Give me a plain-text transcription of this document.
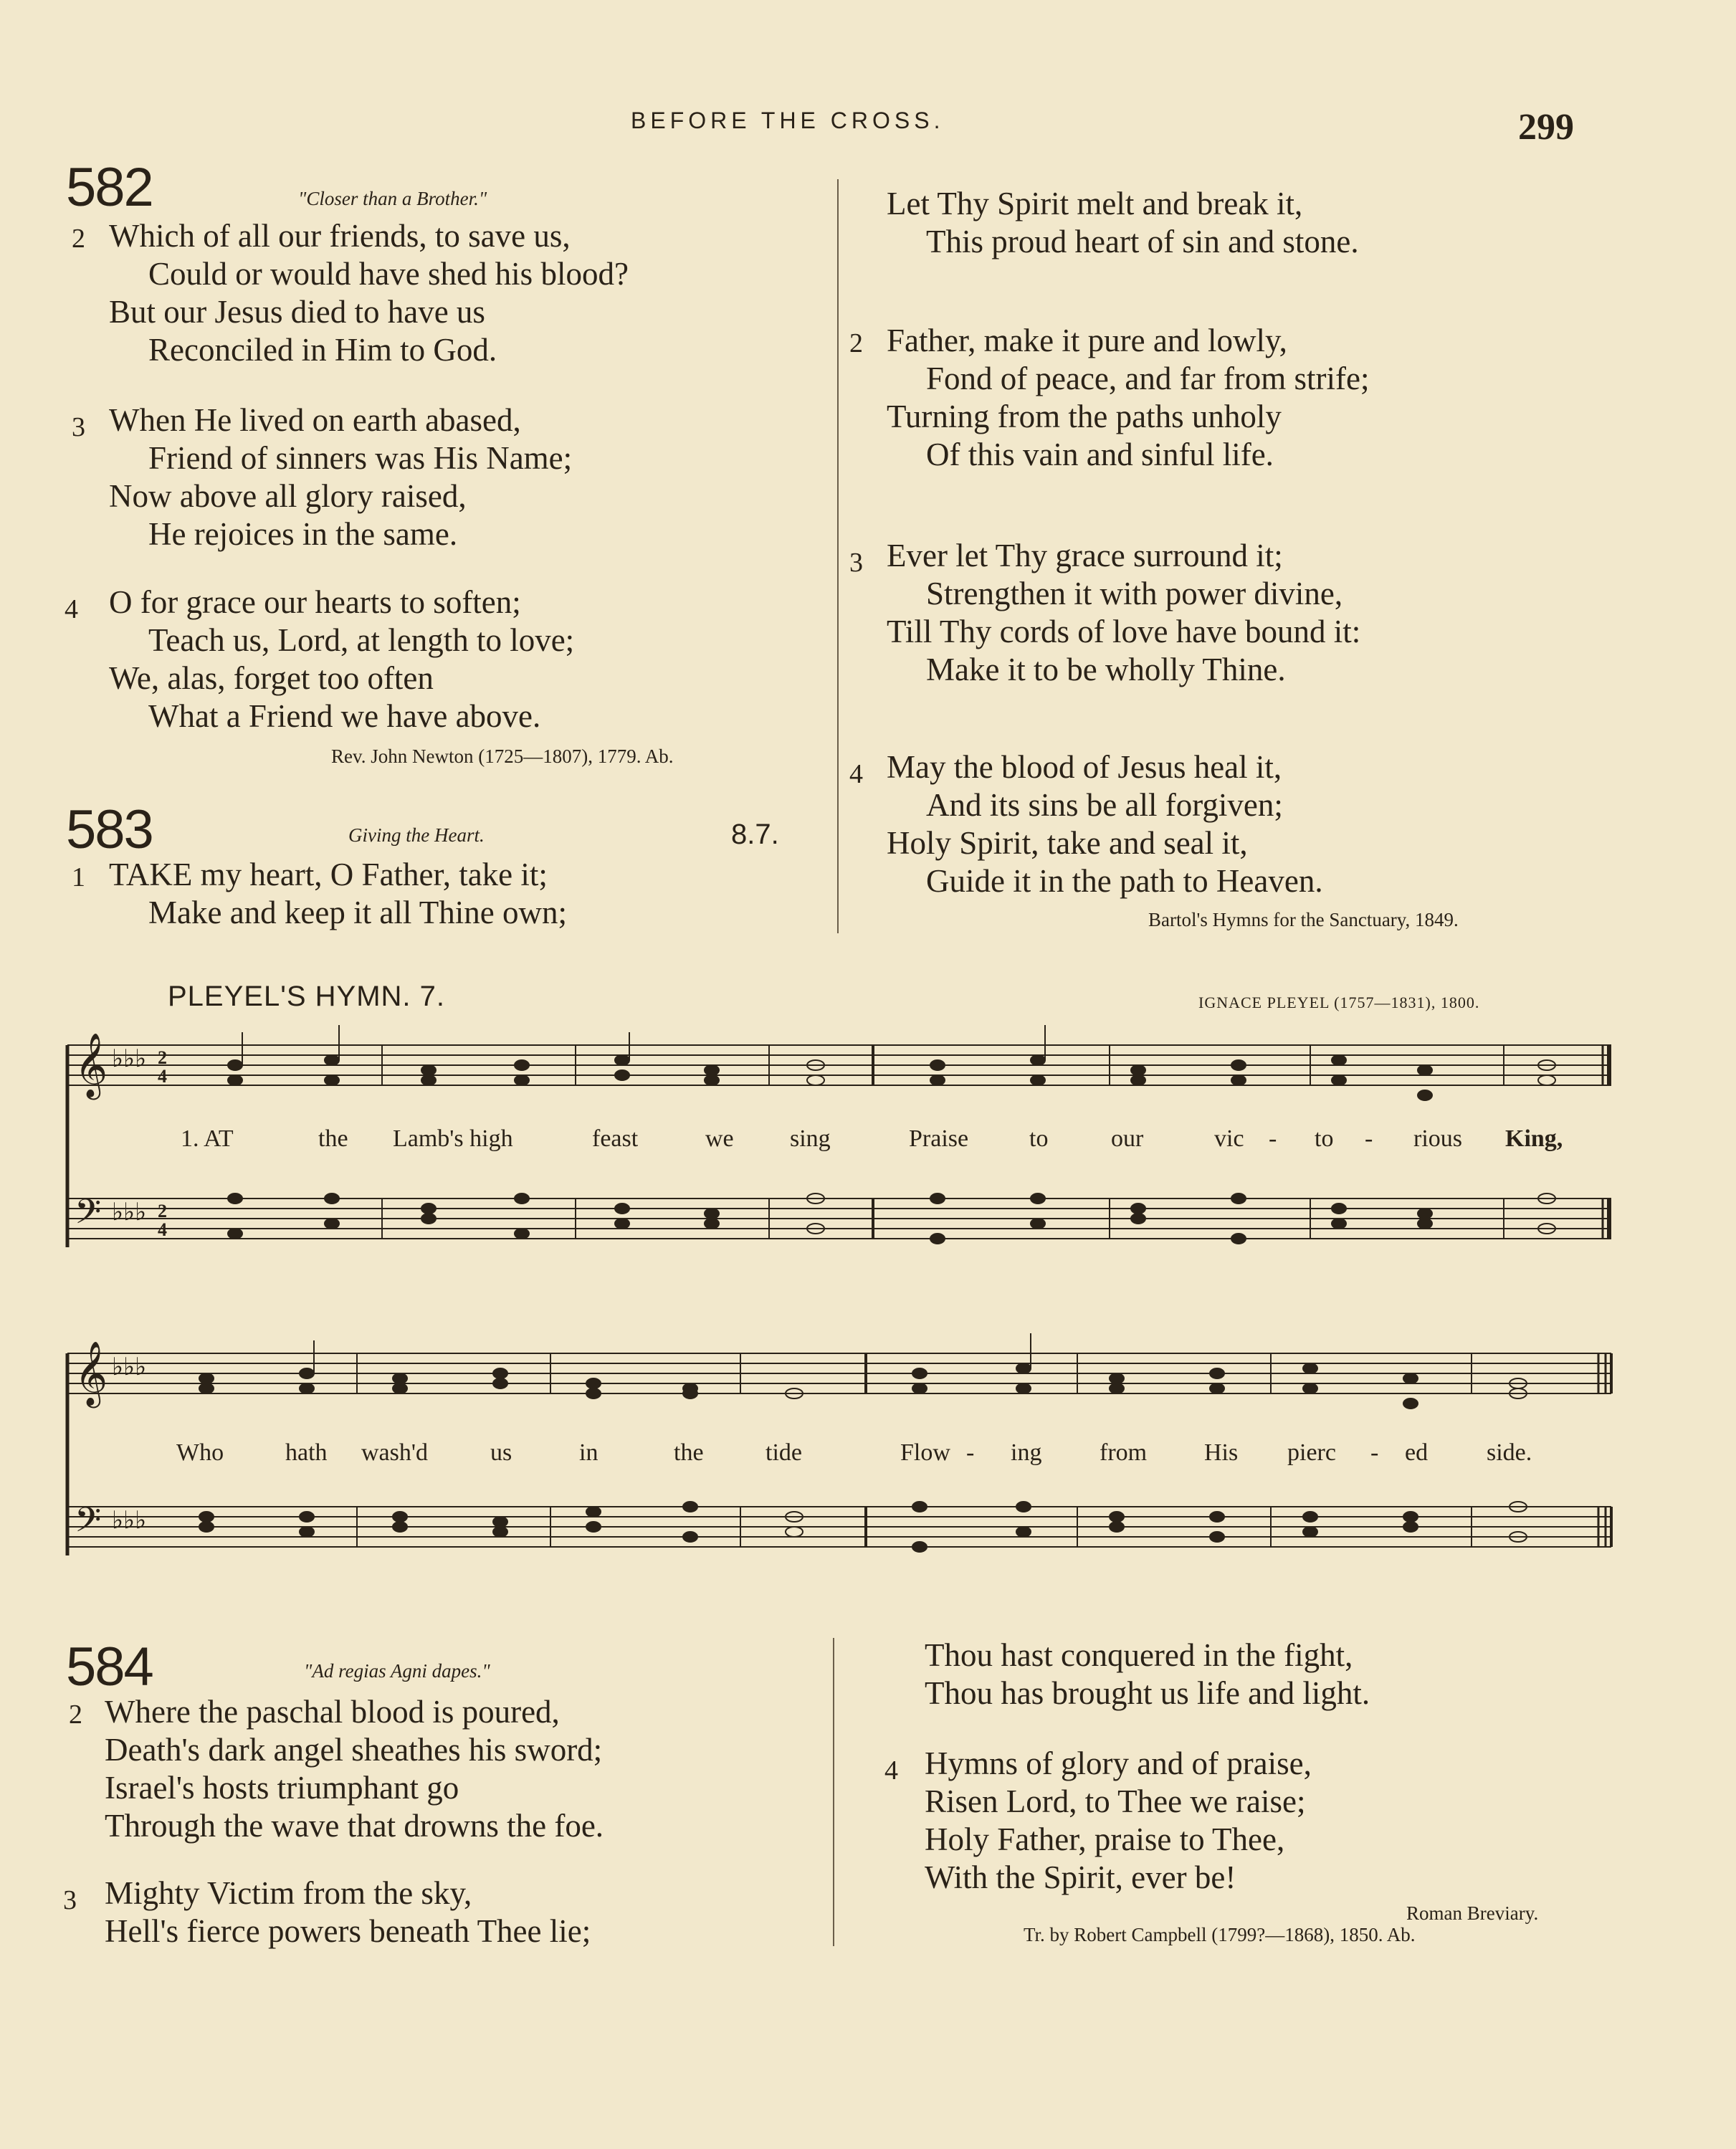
BEFORE THE CROSS.	299
582	"Closer than a Brother."
2 Which of all our friends, to save us,
Could or would have shed his blood?
But our Jesus died to have us
Reconciled in Him to God.
3 When He lived on earth abased,
Friend of sinners was His Name;
Now above all glory raised,
He rejoices in the same.
4 O for grace our hearts to soften;
Teach us, Lord, at length to love;
We, alas, forget too often
What a Friend we have above.
Rev. John Newton (1725—1807), 1779. Ab.
583	Giving the Heart.	8.7.
1 TAKE my heart, O Father, take it;
Make and keep it all Thine own;
Let Thy Spirit melt and break it,
This proud heart of sin and stone.
2 Father, make it pure and lowly,
Fond of peace, and far from strife;
Turning from the paths unholy
Of this vain and sinful life.
3 Ever let Thy grace surround it;
Strengthen it with power divine,
Till Thy cords of love have bound it:
Make it to be wholly Thine.
4 May the blood of Jesus heal it,
And its sins be all forgiven;
Holy Spirit, take and seal it,
Guide it in the path to Heaven.
Bartol's Hymns for the Sanctuary, 1849.
PLEYEL'S HYMN. 7.	IGNACE PLEYEL (1757—1831), 1800.
𝄞
𝄢
♭♭♭
♭♭♭
2
4
2
4
1. AT	the Lamb's high	feast	we sing	Praise to	our	vic - to - rious King,
𝄞
𝄢
♭♭♭
♭♭♭
Who	hath wash'd	us	in	the	tide	Flow - ing from His pierc - ed side.
584	"Ad regias Agni dapes."
2 Where the paschal blood is poured,
Death's dark angel sheathes his sword;
Israel's hosts triumphant go
Through the wave that drowns the foe.
3 Mighty Victim from the sky,
Hell's fierce powers beneath Thee lie;
Thou hast conquered in the fight,
Thou has brought us life and light.
4 Hymns of glory and of praise,
Risen Lord, to Thee we raise;
Holy Father, praise to Thee,
With the Spirit, ever be!
Roman Breviary.
Tr. by Robert Campbell (1799?—1868), 1850. Ab.
